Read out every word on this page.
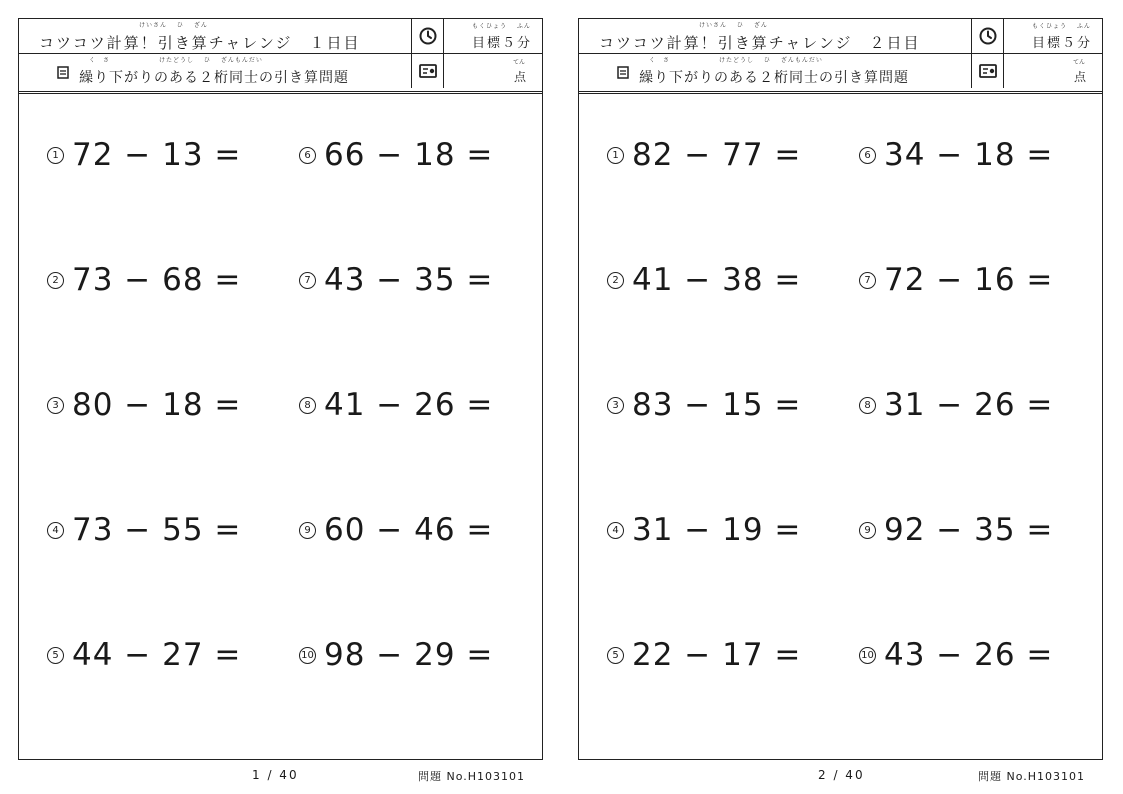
けいさん　 ひ　 ざん
コツコツ計算！引き算チャレンジ　１日目
もくひょう　 ふん
目標５分
く　さ　　　　　　　けたどうし　 ひ　 ざんもんだい
繰り下がりのある２桁同士の引き算問題
てん
点
1 72 − 13 =
2 73 − 68 =
3 80 − 18 =
4 73 − 55 =
5 44 − 27 =
6 66 − 18 =
7 43 − 35 =
8 41 − 26 =
9 60 − 46 =
10 98 − 29 =
1 / 40	問題 No.H103101
けいさん　 ひ　 ざん
コツコツ計算！引き算チャレンジ　２日目
もくひょう　 ふん
目標５分
く　さ　　　　　　　けたどうし　 ひ　 ざんもんだい
繰り下がりのある２桁同士の引き算問題
てん
点
1 82 − 77 =
2 41 − 38 =
3 83 − 15 =
4 31 − 19 =
5 22 − 17 =
6 34 − 18 =
7 72 − 16 =
8 31 − 26 =
9 92 − 35 =
10 43 − 26 =
2 / 40	問題 No.H103101
